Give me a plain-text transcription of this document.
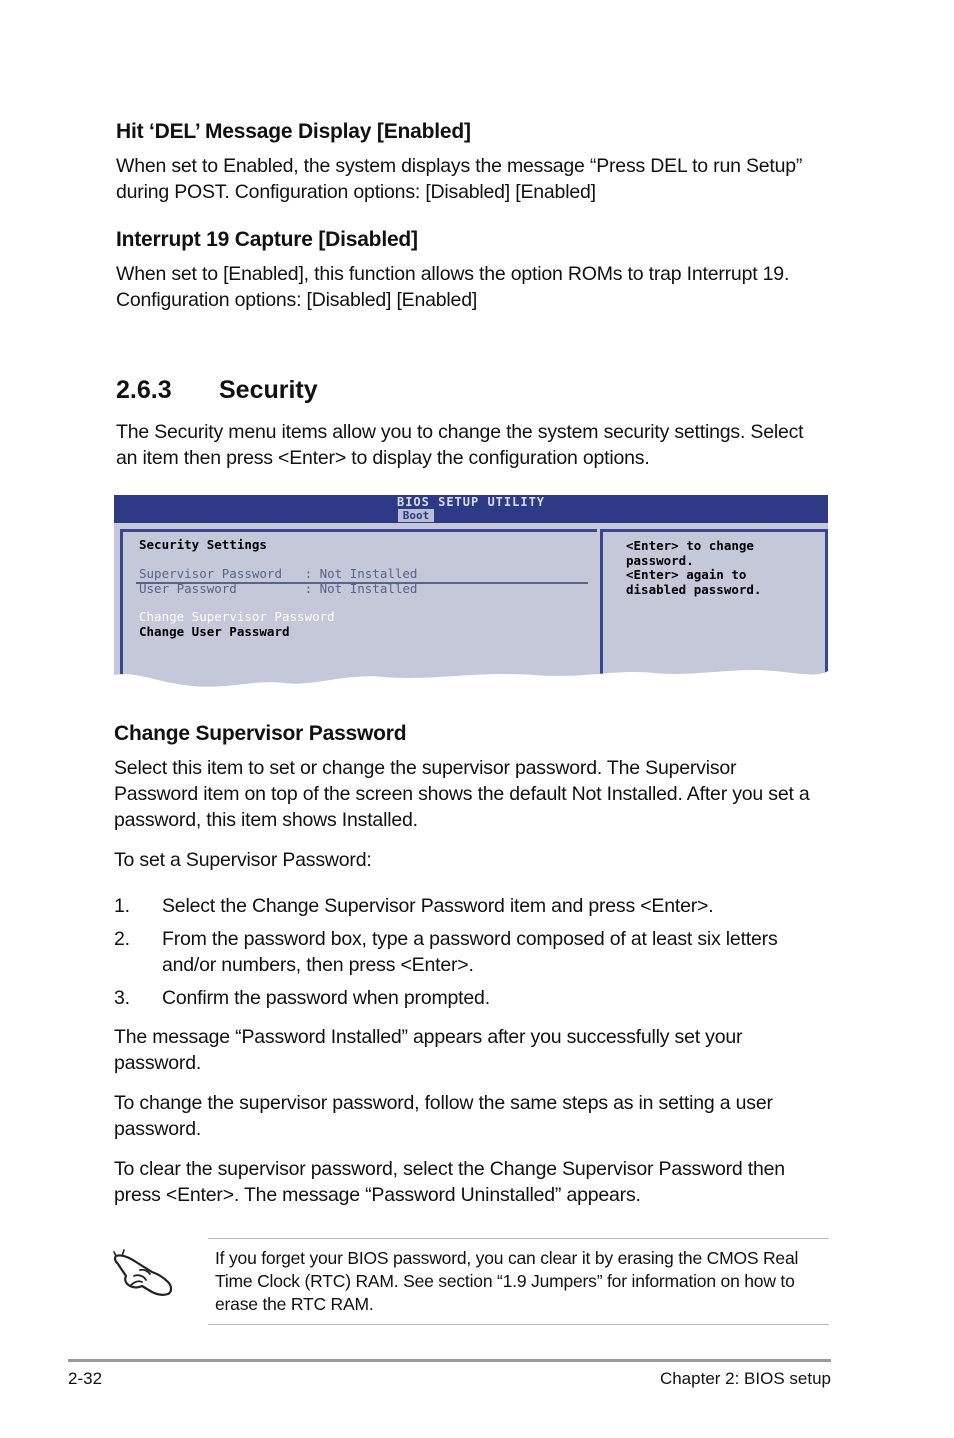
Hit ‘DEL’ Message Display [Enabled]
When set to Enabled, the system displays the message “Press DEL to run Setup”
during POST. Configuration options: [Disabled] [Enabled]
Interrupt 19 Capture [Disabled]
When set to [Enabled], this function allows the option ROMs to trap Interrupt 19.
Configuration options: [Disabled] [Enabled]
2.6.3 Security
The Security menu items allow you to change the system security settings. Select
an item then press <Enter> to display the configuration options.
BIOS SETUP UTILITY
Boot
Security Settings
Supervisor Password   : Not Installed
User Password         : Not Installed
Change Supervisor Password
Change User Passward
<Enter> to change
password.
<Enter> again to
disabled password.
Change Supervisor Password
Select this item to set or change the supervisor password. The Supervisor
Password item on top of the screen shows the default Not Installed. After you set a
password, this item shows Installed.
To set a Supervisor Password:
1. Select the Change Supervisor Password item and press <Enter>.
2. From the password box, type a password composed of at least six letters
and/or numbers, then press <Enter>.
3. Confirm the password when prompted.
The message “Password Installed” appears after you successfully set your
password.
To change the supervisor password, follow the same steps as in setting a user
password.
To clear the supervisor password, select the Change Supervisor Password then
press <Enter>. The message “Password Uninstalled” appears.
If you forget your BIOS password, you can clear it by erasing the CMOS Real
Time Clock (RTC) RAM. See section “1.9 Jumpers” for information on how to
erase the RTC RAM.
2-32	Chapter 2: BIOS setup
